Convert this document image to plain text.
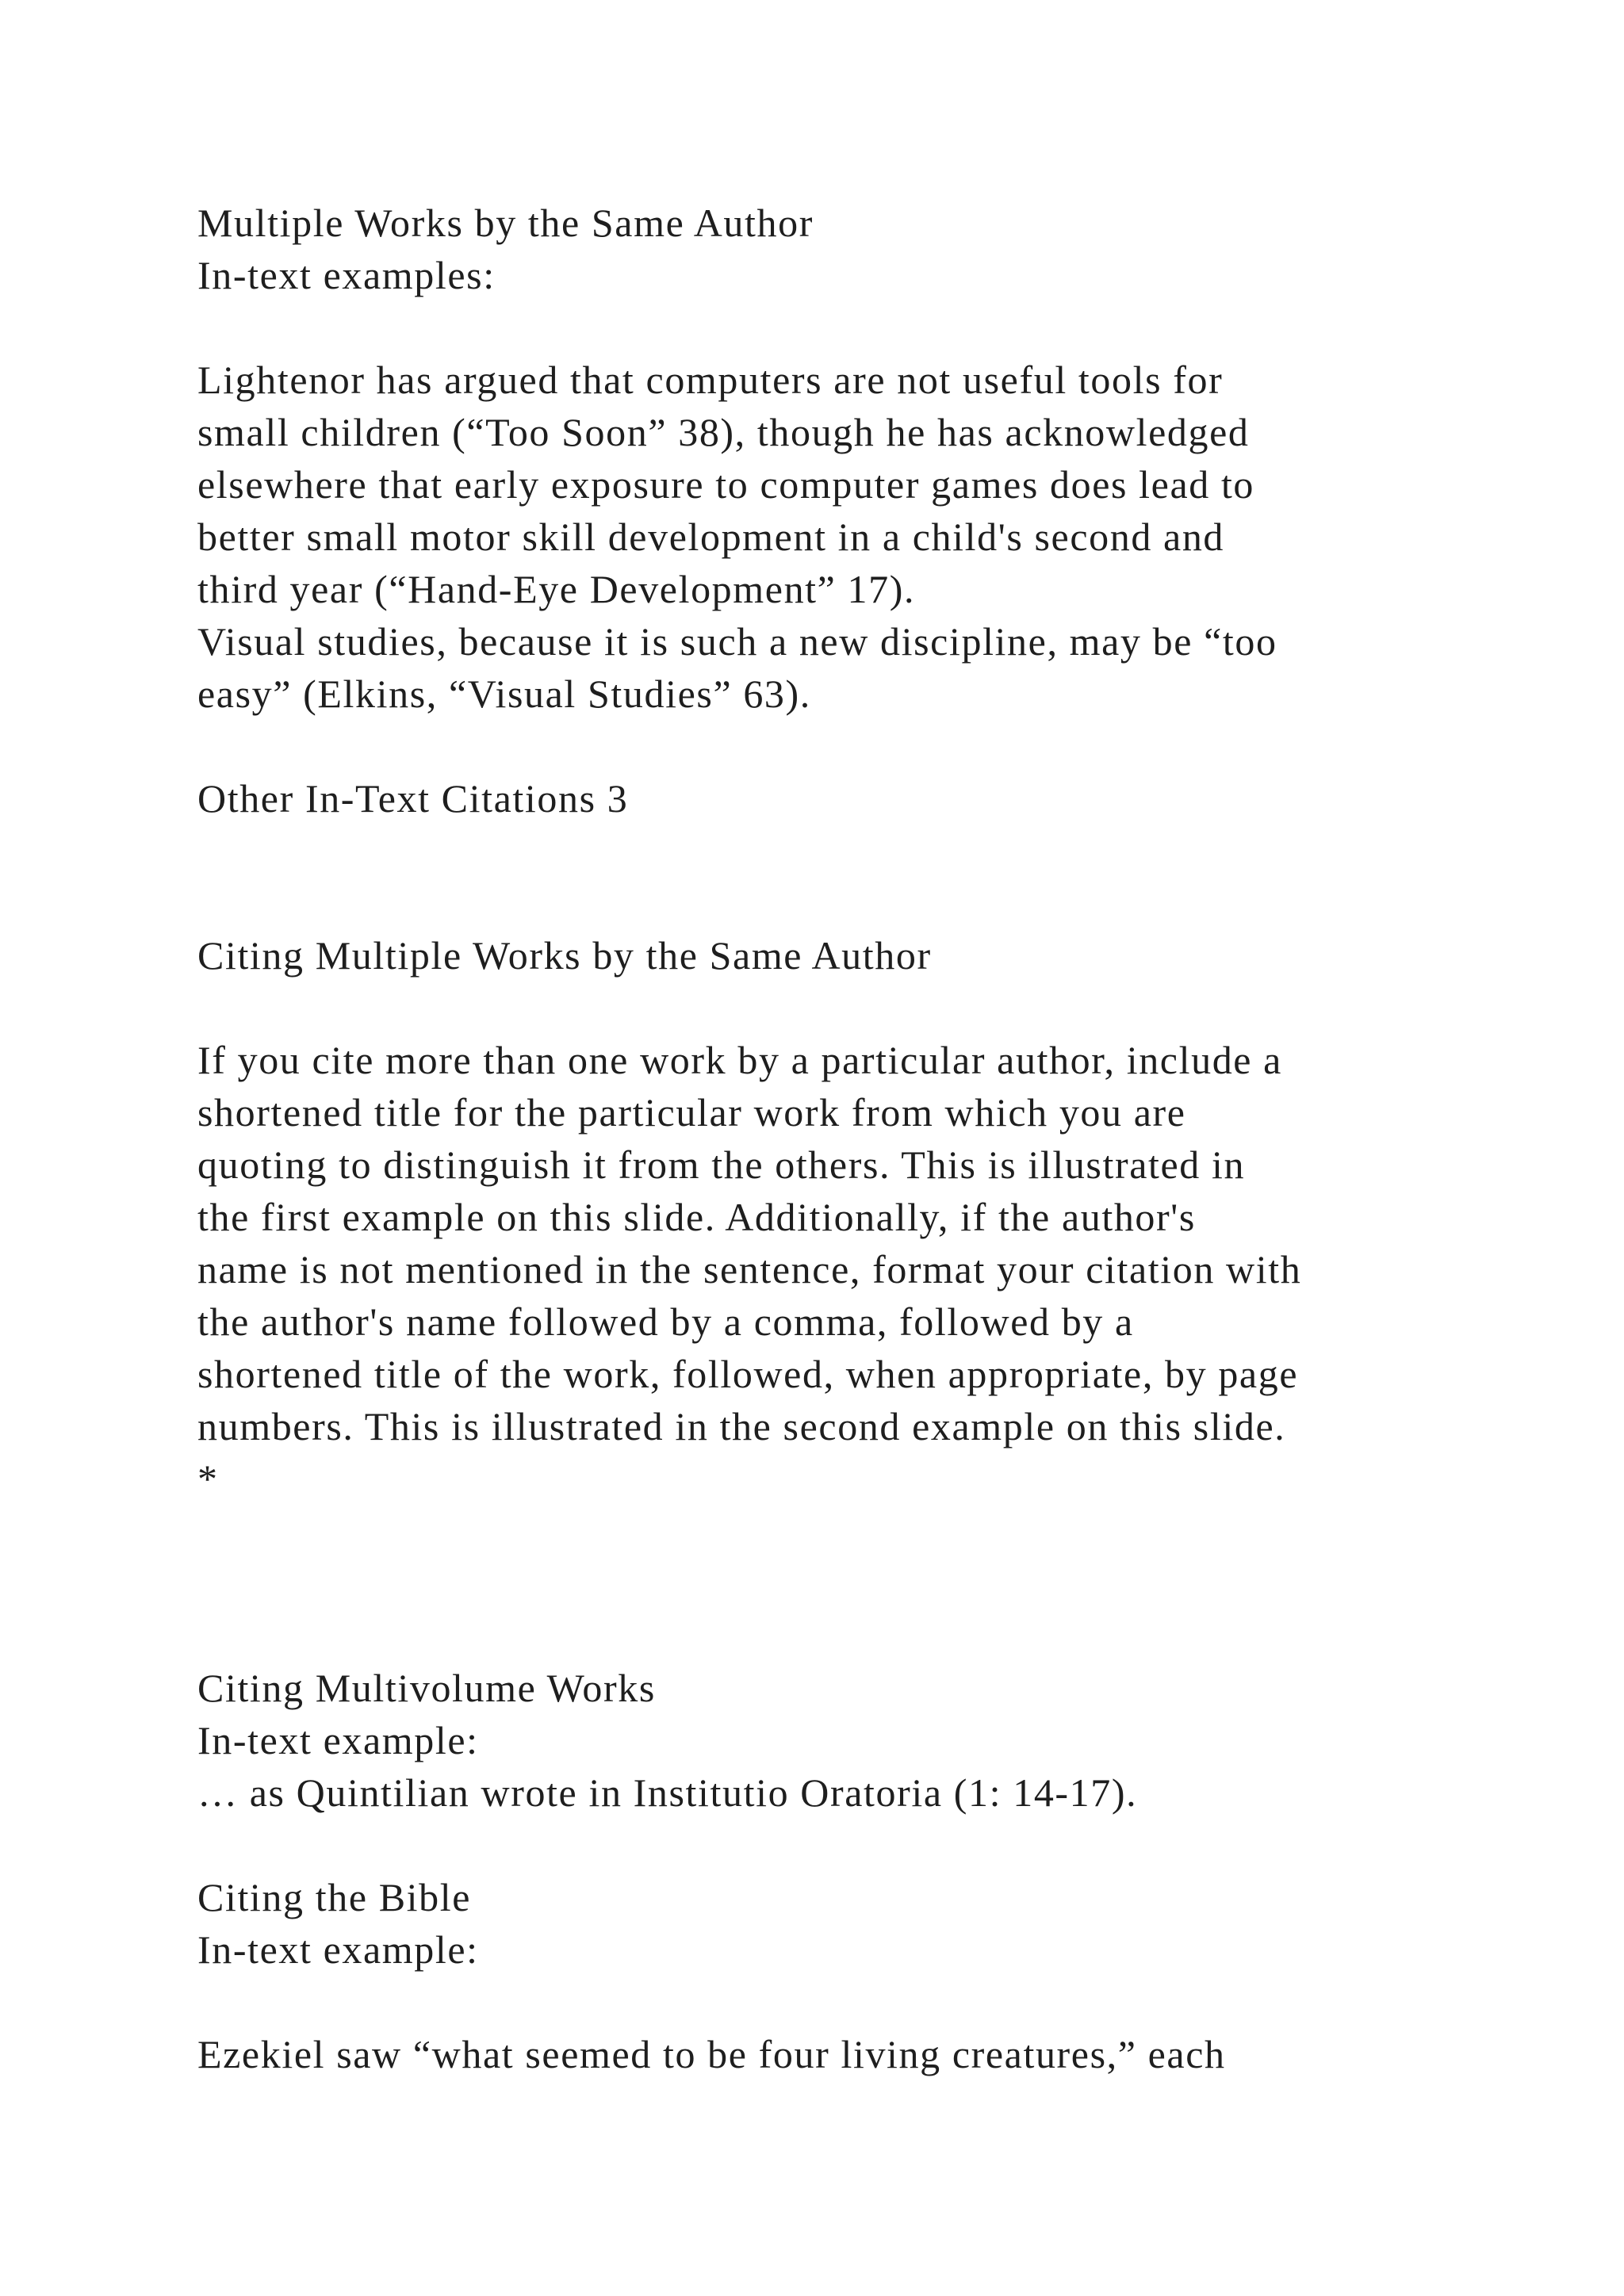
Multiple Works by the Same Author

In-text examples:

Lightenor has argued that computers are not useful tools for

small children (“Too Soon” 38), though he has acknowledged

elsewhere that early exposure to computer games does lead to

better small motor skill development in a child's second and

third year (“Hand-Eye Development” 17).

Visual studies, because it is such a new discipline, may be “too

easy” (Elkins, “Visual Studies” 63).

Other In-Text Citations 3

Citing Multiple Works by the Same Author

If you cite more than one work by a particular author, include a

shortened title for the particular work from which you are

quoting to distinguish it from the others. This is illustrated in

the first example on this slide. Additionally, if the author's

name is not mentioned in the sentence, format your citation with

the author's name followed by a comma, followed by a

shortened title of the work, followed, when appropriate, by page

numbers. This is illustrated in the second example on this slide.

*

Citing Multivolume Works

In-text example:

… as Quintilian wrote in Institutio Oratoria (1: 14-17).

Citing the Bible

In-text example:

Ezekiel saw “what seemed to be four living creatures,” each
